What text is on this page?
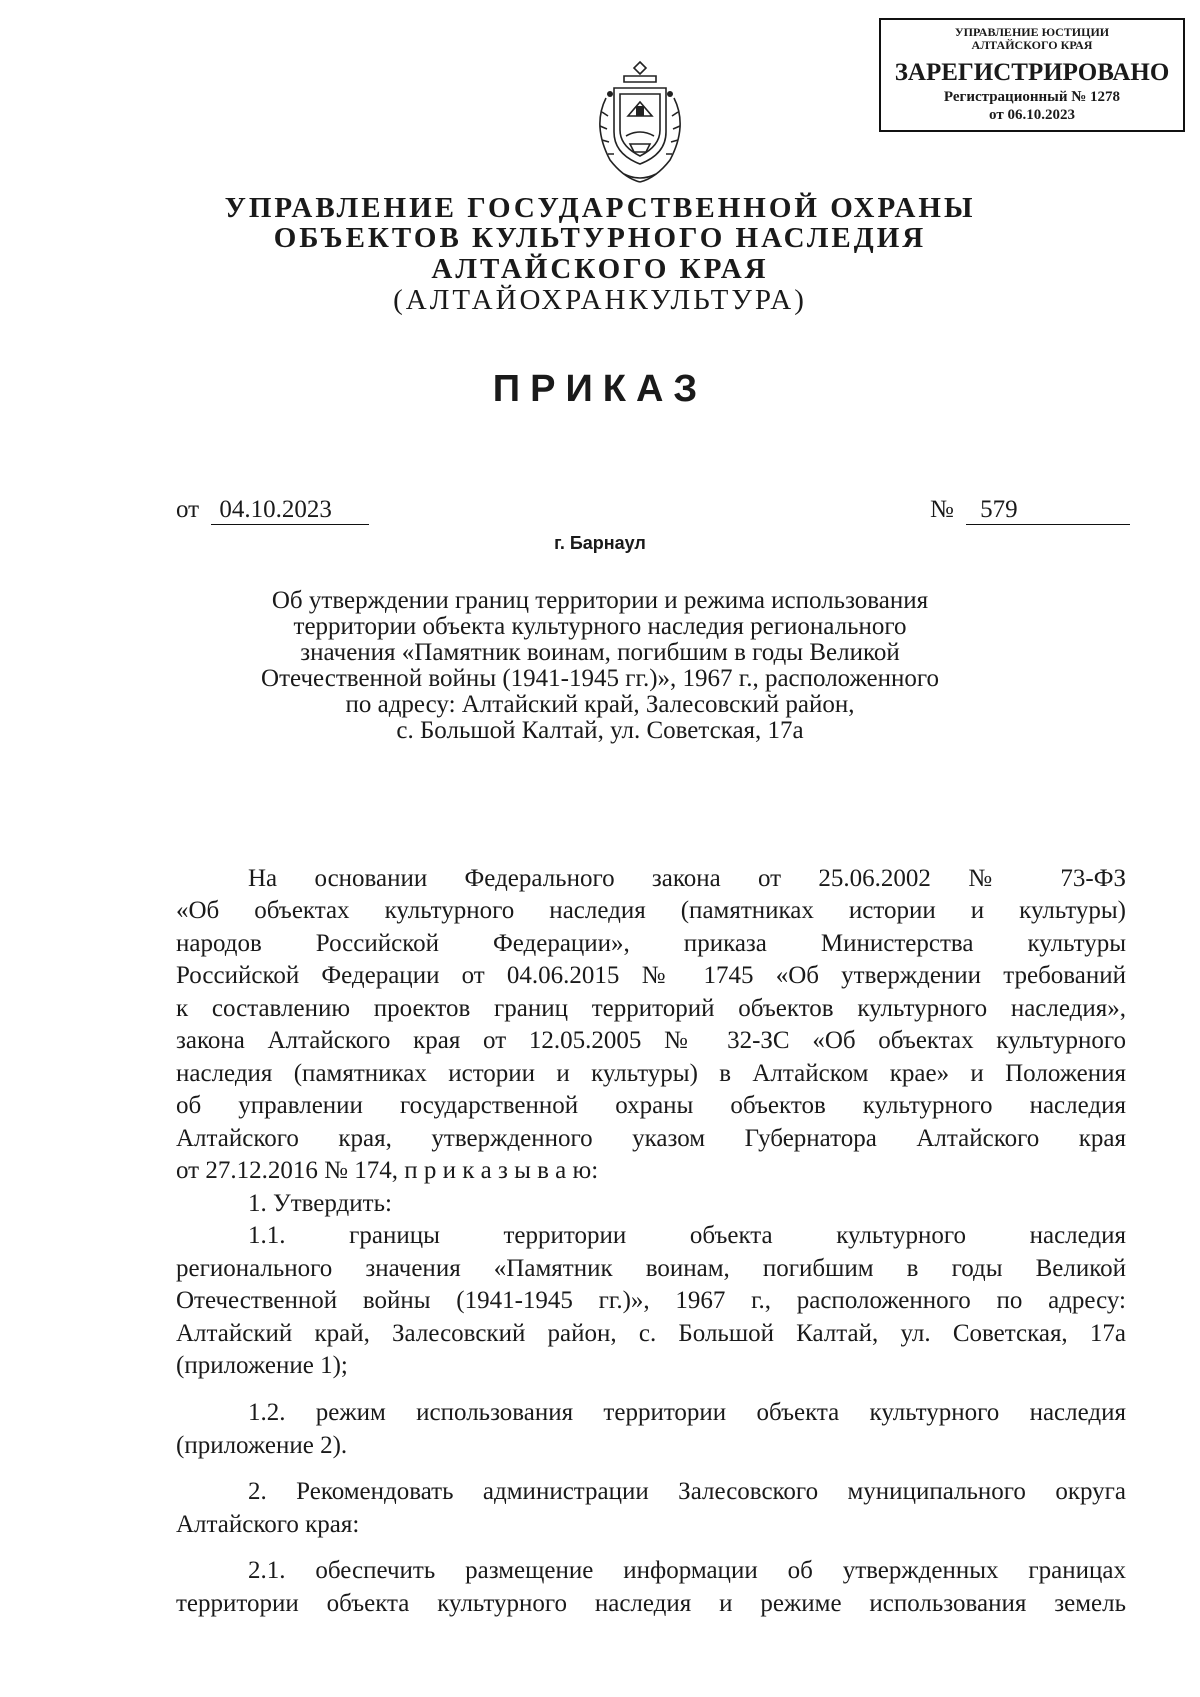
УПРАВЛЕНИЕ ЮСТИЦИИ
АЛТАЙСКОГО КРАЯ
ЗАРЕГИСТРИРОВАНО
Регистрационный № 1278
от 06.10.2023
УПРАВЛЕНИЕ ГОСУДАРСТВЕННОЙ ОХРАНЫ
ОБЪЕКТОВ КУЛЬТУРНОГО НАСЛЕДИЯ
АЛТАЙСКОГО КРАЯ
(АЛТАЙОХРАНКУЛЬТУРА)
ПРИКАЗ
от 04.10.2023	№ 579
г. Барнаул
Об утверждении границ территории и режима использования
территории объекта культурного наследия регионального
значения «Памятник воинам, погибшим в годы Великой
Отечественной войны (1941-1945 гг.)», 1967 г., расположенного
по адресу: Алтайский край, Залесовский район,
с. Большой Калтай, ул. Советская, 17а
На основании Федерального закона от 25.06.2002 № 73-ФЗ
«Об объектах культурного наследия (памятниках истории и культуры)
народов Российской Федерации», приказа Министерства культуры
Российской Федерации от 04.06.2015 № 1745 «Об утверждении требований
к составлению проектов границ территорий объектов культурного наследия»,
закона Алтайского края от 12.05.2005 № 32-ЗС «Об объектах культурного
наследия (памятниках истории и культуры) в Алтайском крае» и Положения
об управлении государственной охраны объектов культурного наследия
Алтайского края, утвержденного указом Губернатора Алтайского края
от 27.12.2016 № 174, п р и к а з ы в а ю:
1. Утвердить:
1.1. границы территории объекта культурного наследия
регионального значения «Памятник воинам, погибшим в годы Великой
Отечественной войны (1941-1945 гг.)», 1967 г., расположенного по адресу:
Алтайский край, Залесовский район, с. Большой Калтай, ул. Советская, 17а
(приложение 1);
1.2. режим использования территории объекта культурного наследия
(приложение 2).
2. Рекомендовать администрации Залесовского муниципального округа
Алтайского края:
2.1. обеспечить размещение информации об утвержденных границах
территории объекта культурного наследия и режиме использования земель
